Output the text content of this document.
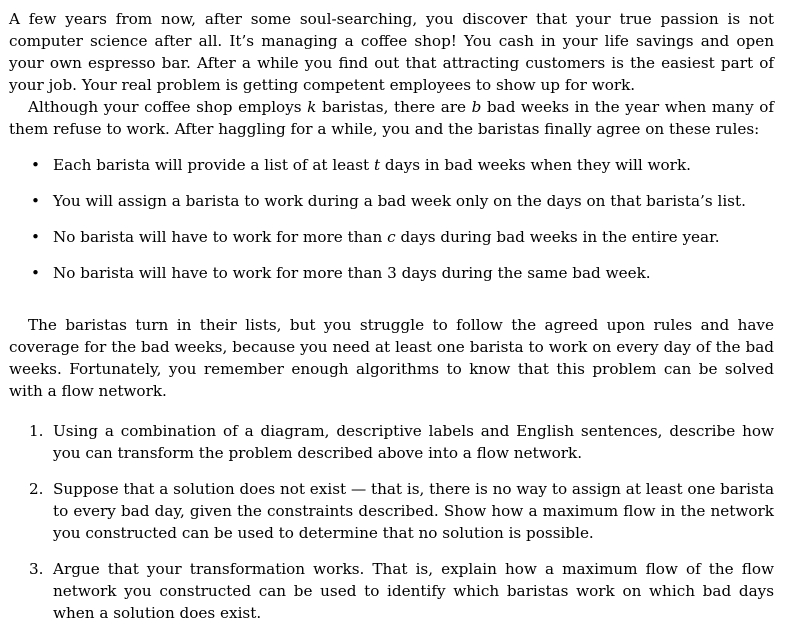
A few years from now, after some soul-searching, you discover that your true passion is not computer science after all. It’s managing a coffee shop! You cash in your life savings and open your own espresso bar. After a while you find out that attracting customers is the easiest part of your job. Your real problem is getting competent employees to show up for work.

Although your coffee shop employs k baristas, there are b bad weeks in the year when many of them refuse to work. After haggling for a while, you and the baristas finally agree on these rules:

• Each barista will provide a list of at least t days in bad weeks when they will work.
• You will assign a barista to work during a bad week only on the days on that barista’s list.
• No barista will have to work for more than c days during bad weeks in the entire year.
• No barista will have to work for more than 3 days during the same bad week.

The baristas turn in their lists, but you struggle to follow the agreed upon rules and have coverage for the bad weeks, because you need at least one barista to work on every day of the bad weeks. Fortunately, you remember enough algorithms to know that this problem can be solved with a flow network.

1. Using a combination of a diagram, descriptive labels and English sentences, describe how you can transform the problem described above into a flow network.
2. Suppose that a solution does not exist — that is, there is no way to assign at least one barista to every bad day, given the constraints described. Show how a maximum flow in the network you constructed can be used to determine that no solution is possible.
3. Argue that your transformation works. That is, explain how a maximum flow of the flow network you constructed can be used to identify which baristas work on which bad days when a solution does exist.
